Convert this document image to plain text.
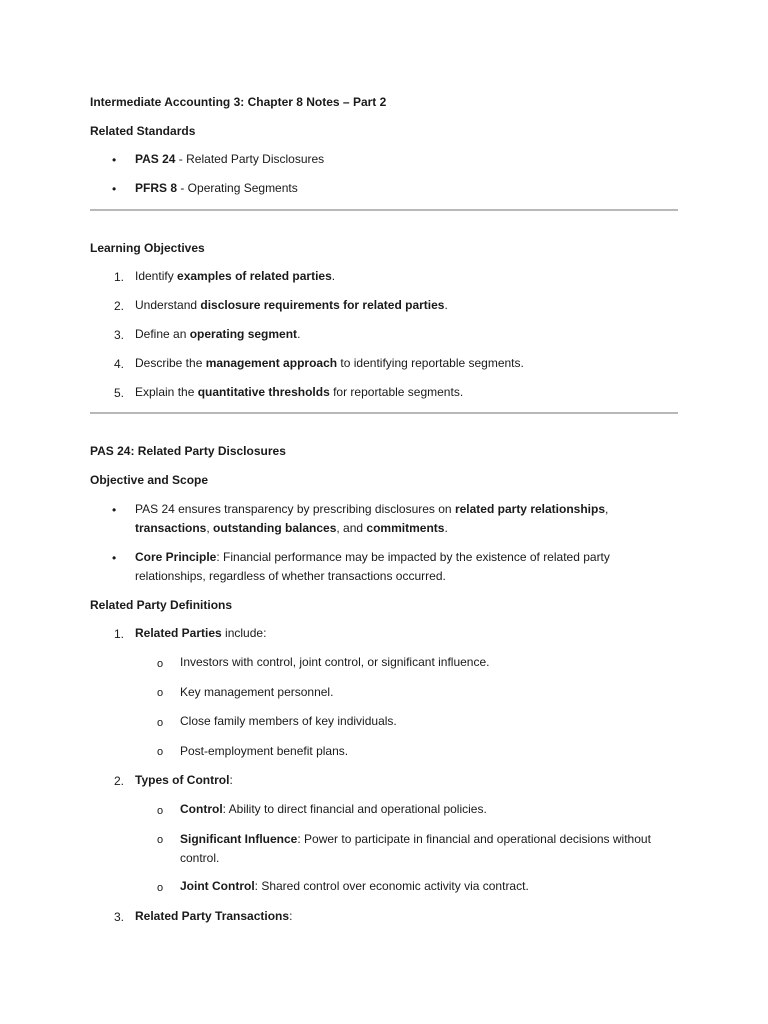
Intermediate Accounting 3: Chapter 8 Notes – Part 2
Related Standards
•	PAS 24 - Related Party Disclosures
•	PFRS 8 - Operating Segments
Learning Objectives
1. Identify examples of related parties.
2. Understand disclosure requirements for related parties.
3. Define an operating segment.
4. Describe the management approach to identifying reportable segments.
5. Explain the quantitative thresholds for reportable segments.
PAS 24: Related Party Disclosures
Objective and Scope
•	PAS 24 ensures transparency by prescribing disclosures on related party relationships,
transactions, outstanding balances, and commitments.
•	Core Principle: Financial performance may be impacted by the existence of related party relationships, regardless of whether transactions occurred.
Related Party Definitions
1. Related Parties include:
o	Investors with control, joint control, or significant influence.
o	Key management personnel.
o	Close family members of key individuals.
o	Post-employment benefit plans.
2. Types of Control:
o	Control: Ability to direct financial and operational policies.
o	Significant Influence: Power to participate in financial and operational decisions without control.
o	Joint Control: Shared control over economic activity via contract.
3. Related Party Transactions:
